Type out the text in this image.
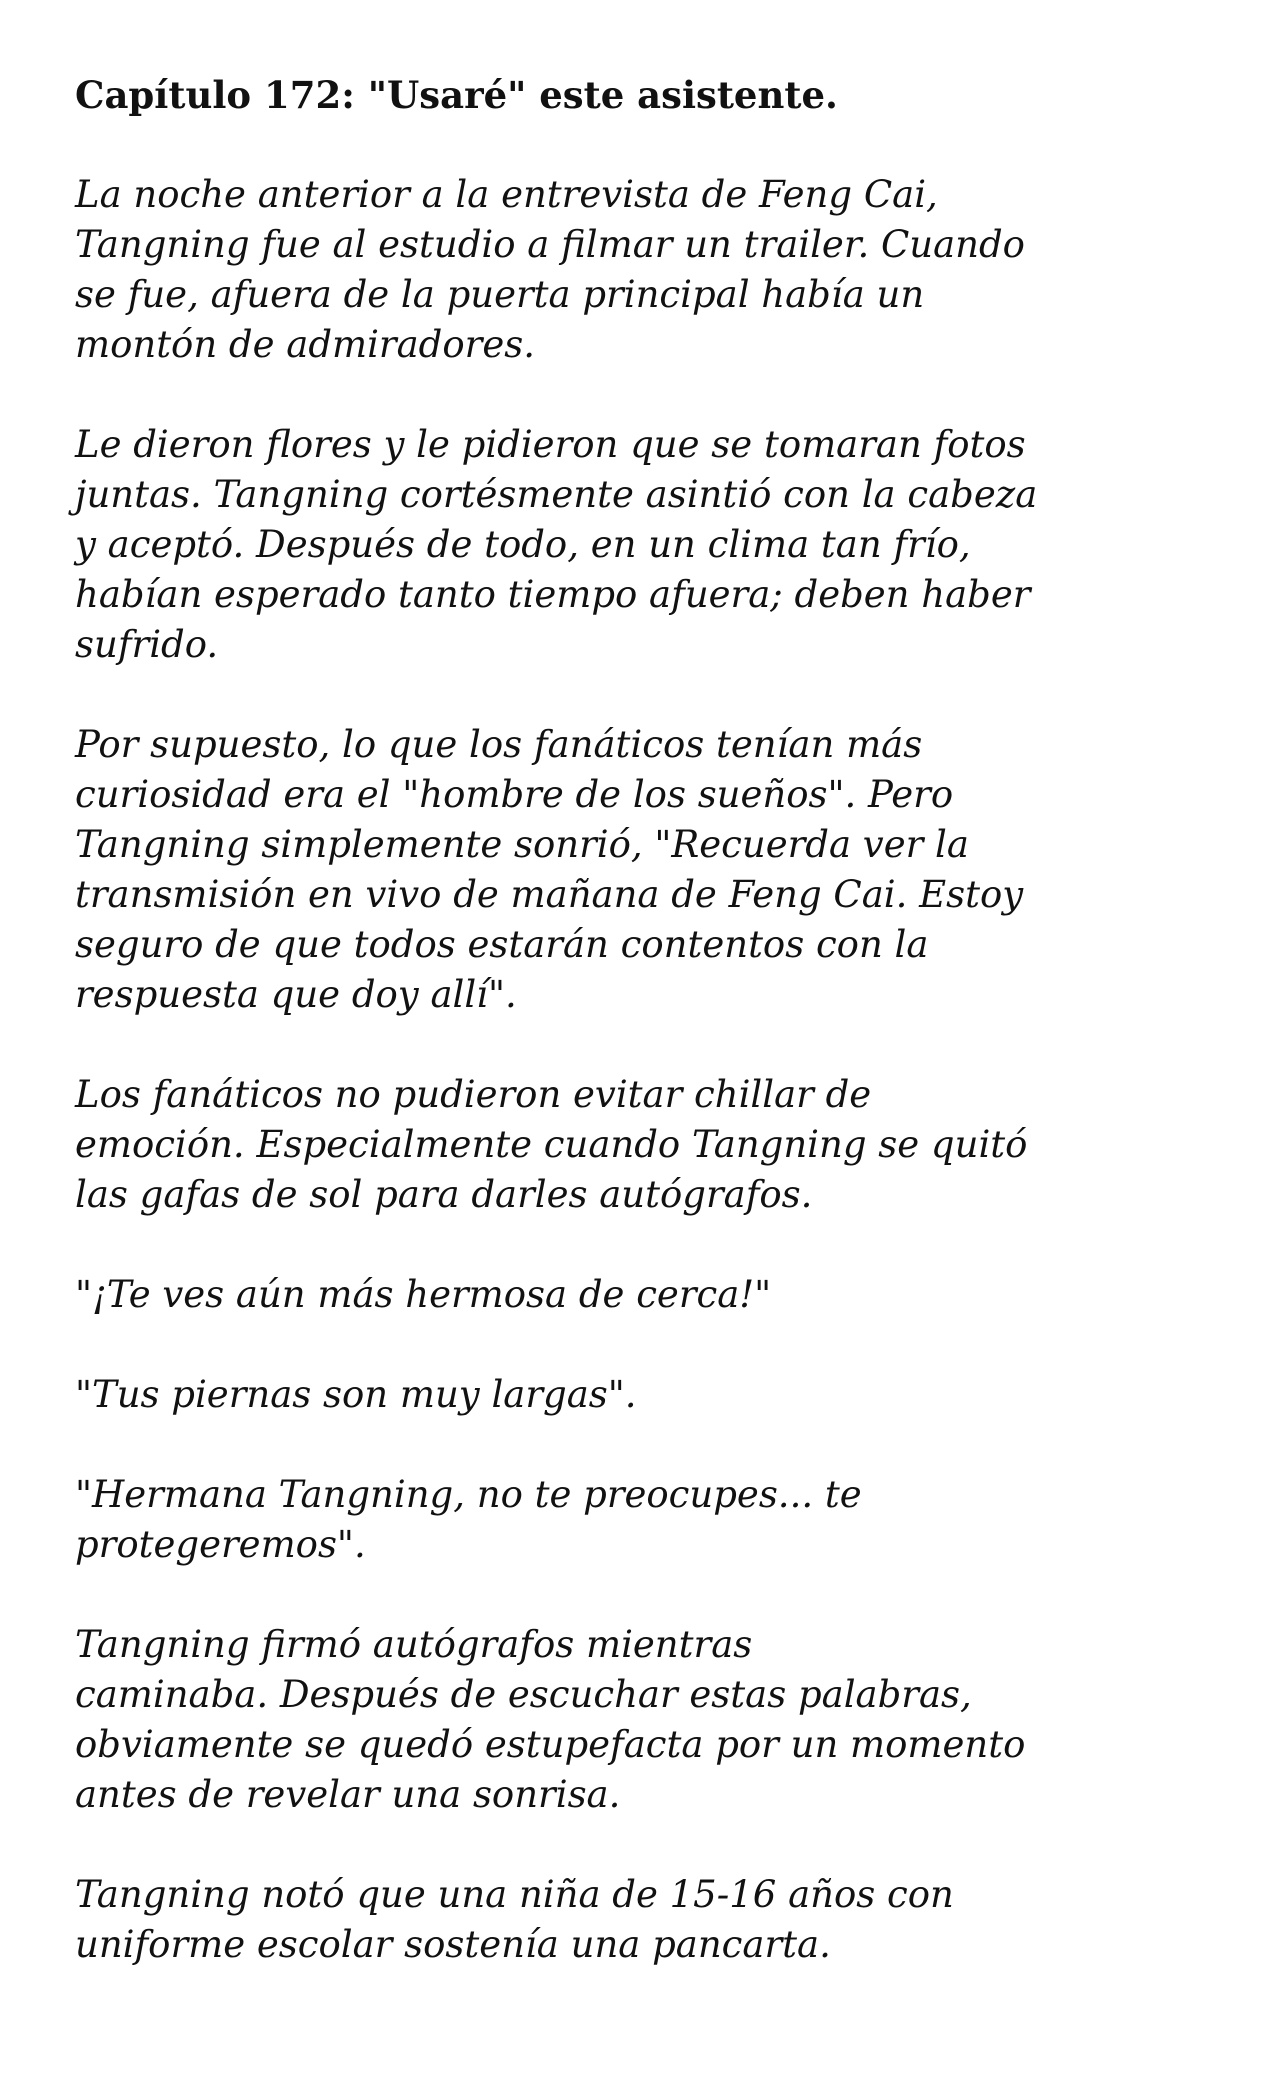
Capítulo 172: "Usaré" este asistente.
La noche anterior a la entrevista de Feng Cai,
Tangning fue al estudio a filmar un trailer. Cuando
se fue, afuera de la puerta principal había un
montón de admiradores.
Le dieron flores y le pidieron que se tomaran fotos
juntas. Tangning cortésmente asintió con la cabeza
y aceptó. Después de todo, en un clima tan frío,
habían esperado tanto tiempo afuera; deben haber
sufrido.
Por supuesto, lo que los fanáticos tenían más
curiosidad era el "hombre de los sueños". Pero
Tangning simplemente sonrió, "Recuerda ver la
transmisión en vivo de mañana de Feng Cai. Estoy
seguro de que todos estarán contentos con la
respuesta que doy allí".
Los fanáticos no pudieron evitar chillar de
emoción. Especialmente cuando Tangning se quitó
las gafas de sol para darles autógrafos.
"¡Te ves aún más hermosa de cerca!"
"Tus piernas son muy largas".
"Hermana Tangning, no te preocupes... te
protegeremos".
Tangning firmó autógrafos mientras
caminaba. Después de escuchar estas palabras,
obviamente se quedó estupefacta por un momento
antes de revelar una sonrisa.
Tangning notó que una niña de 15-16 años con
uniforme escolar sostenía una pancarta.
